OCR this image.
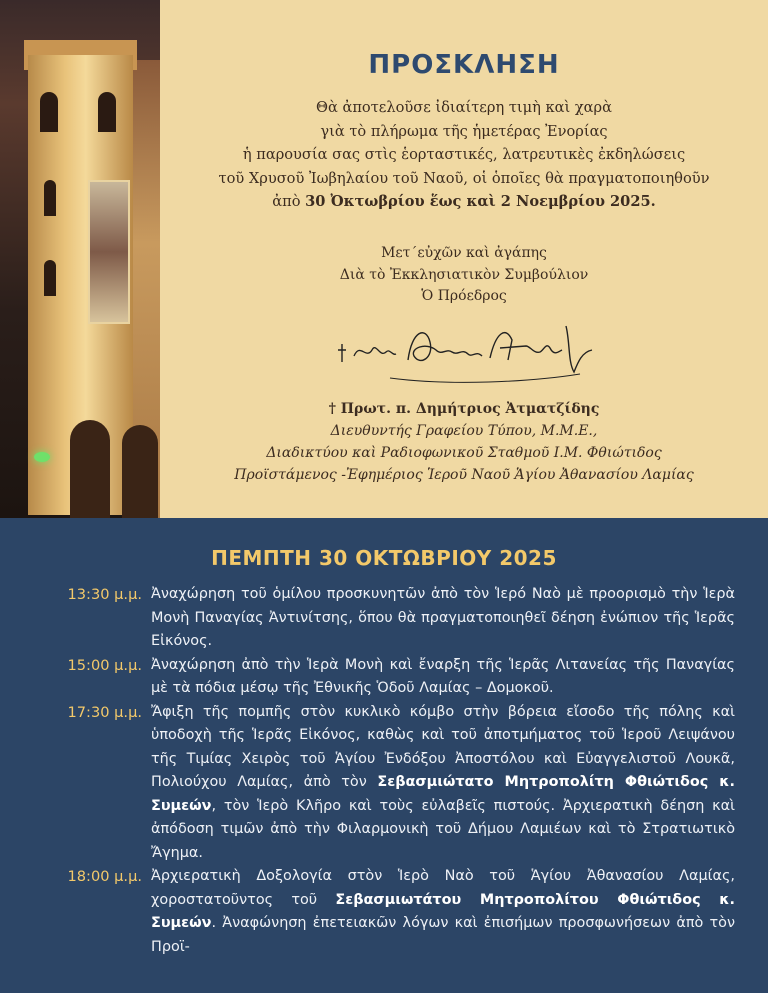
ΠΡΟΣΚΛΗΣΗ
Θὰ ἀποτελοῦσε ἰδιαίτερη τιμὴ καὶ χαρὰ
γιὰ τὸ πλήρωμα τῆς ἡμετέρας Ἐνορίας
ἡ παρουσία σας στὶς ἑορταστικές, λατρευτικὲς ἐκδηλώσεις
τοῦ Χρυσοῦ Ἰωβηλαίου τοῦ Ναοῦ, οἱ ὁποῖες θὰ πραγματοποιηθοῦν
ἀπὸ 30 Ὀκτωβρίου ἕως καὶ 2 Νοεμβρίου 2025.
Μετ´εὐχῶν καὶ ἀγάπης
Διὰ τὸ Ἐκκλησιατικὸν Συμβούλιον
Ὁ Πρόεδρος
† Πρωτ. π. Δημήτριος Ἀτματζίδης
Διευθυντής Γραφείου Τύπου, Μ.Μ.Ε.,
Διαδικτύου καὶ Ραδιοφωνικοῦ Σταθμοῦ Ι.Μ. Φθιώτιδος
Προϊστάμενος -Ἐφημέριος Ἱεροῦ Ναοῦ Ἁγίου Ἀθανασίου Λαμίας
ΠΕΜΠΤΗ 30 ΟΚΤΩΒΡΙΟΥ 2025
13:30 μ.μ. Ἀναχώρηση τοῦ ὁμίλου προσκυνητῶν ἀπὸ τὸν Ἱερό Ναὸ μὲ προορισμὸ τὴν Ἱερὰ Μονὴ Παναγίας Ἀντινίτσης, ὅπου θὰ πραγματοποιηθεῖ δέηση ἐνώπιον τῆς Ἱερᾶς Εἰκόνος.
15:00 μ.μ. Ἀναχώρηση ἀπὸ τὴν Ἱερὰ Μονὴ καὶ ἔναρξη τῆς Ἱερᾶς Λιτανείας τῆς Παναγίας μὲ τὰ πόδια μέσῳ τῆς Ἐθνικῆς Ὁδοῦ Λαμίας – Δομοκοῦ.
17:30 μ.μ. Ἄφιξη τῆς πομπῆς στὸν κυκλικὸ κόμβο στὴν βόρεια εἴσοδο τῆς πόλης καὶ ὑποδοχὴ τῆς Ἱερᾶς Εἰκόνος, καθὼς καὶ τοῦ ἀποτμήματος τοῦ Ἱεροῦ Λειψάνου τῆς Τιμίας Χειρὸς τοῦ Ἁγίου Ἐνδόξου Ἀποστόλου καὶ Εὐαγγελιστοῦ Λουκᾶ, Πολιούχου Λαμίας, ἀπὸ τὸν Σεβασμιώτατο Μητροπολίτη Φθιώτιδος κ. Συμεών, τὸν Ἱερὸ Κλῆρο καὶ τοὺς εὐλαβεῖς πιστούς. Ἀρχιερατικὴ δέηση καὶ ἀπόδοση τιμῶν ἀπὸ τὴν Φιλαρμονικὴ τοῦ Δήμου Λαμιέων καὶ τὸ Στρατιωτικὸ Ἄγημα.
18:00 μ.μ. Ἀρχιερατικὴ Δοξολογία στὸν Ἱερὸ Ναὸ τοῦ Ἁγίου Ἀθανασίου Λαμίας, χοροστατοῦντος τοῦ Σεβασμιωτάτου Μητροπολίτου Φθιώτιδος κ. Συμεών. Ἀναφώνηση ἐπετειακῶν λόγων καὶ ἐπισήμων προσφωνήσεων ἀπὸ τὸν Προϊ-
